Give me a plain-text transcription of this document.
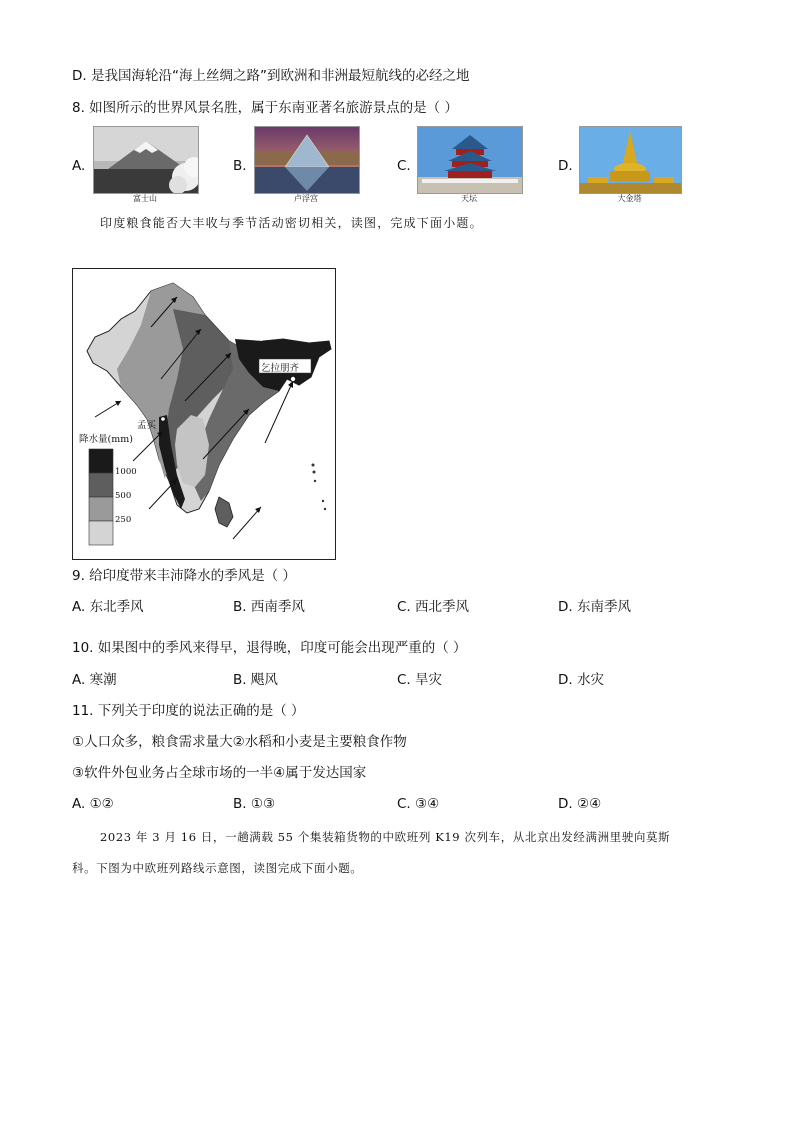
D. 是我国海轮沿“海上丝绸之路”到欧洲和非洲最短航线的必经之地
8. 如图所示的世界风景名胜，属于东南亚著名旅游景点的是（ ）
A.
富士山
B.
卢浮宫
C.
天坛
D.
大金塔
印度粮食能否大丰收与季节活动密切相关，读图，完成下面小题。
乞拉朋齐
孟买
降水量(mm)
1000
500
250
9. 给印度带来丰沛降水的季风是（ ）
A. 东北季风	B. 西南季风	C. 西北季风	D. 东南季风
10. 如果图中的季风来得早，退得晚，印度可能会出现严重的（ ）
A. 寒潮	B. 飓风	C. 旱灾	D. 水灾
11. 下列关于印度的说法正确的是（ ）
①人口众多，粮食需求量大②水稻和小麦是主要粮食作物
③软件外包业务占全球市场的一半④属于发达国家
A. ①②	B. ①③	C. ③④	D. ②④
2023 年 3 月 16 日，一趟满载 55 个集装箱货物的中欧班列 K19 次列车，从北京出发经满洲里驶向莫斯
科。下图为中欧班列路线示意图，读图完成下面小题。
